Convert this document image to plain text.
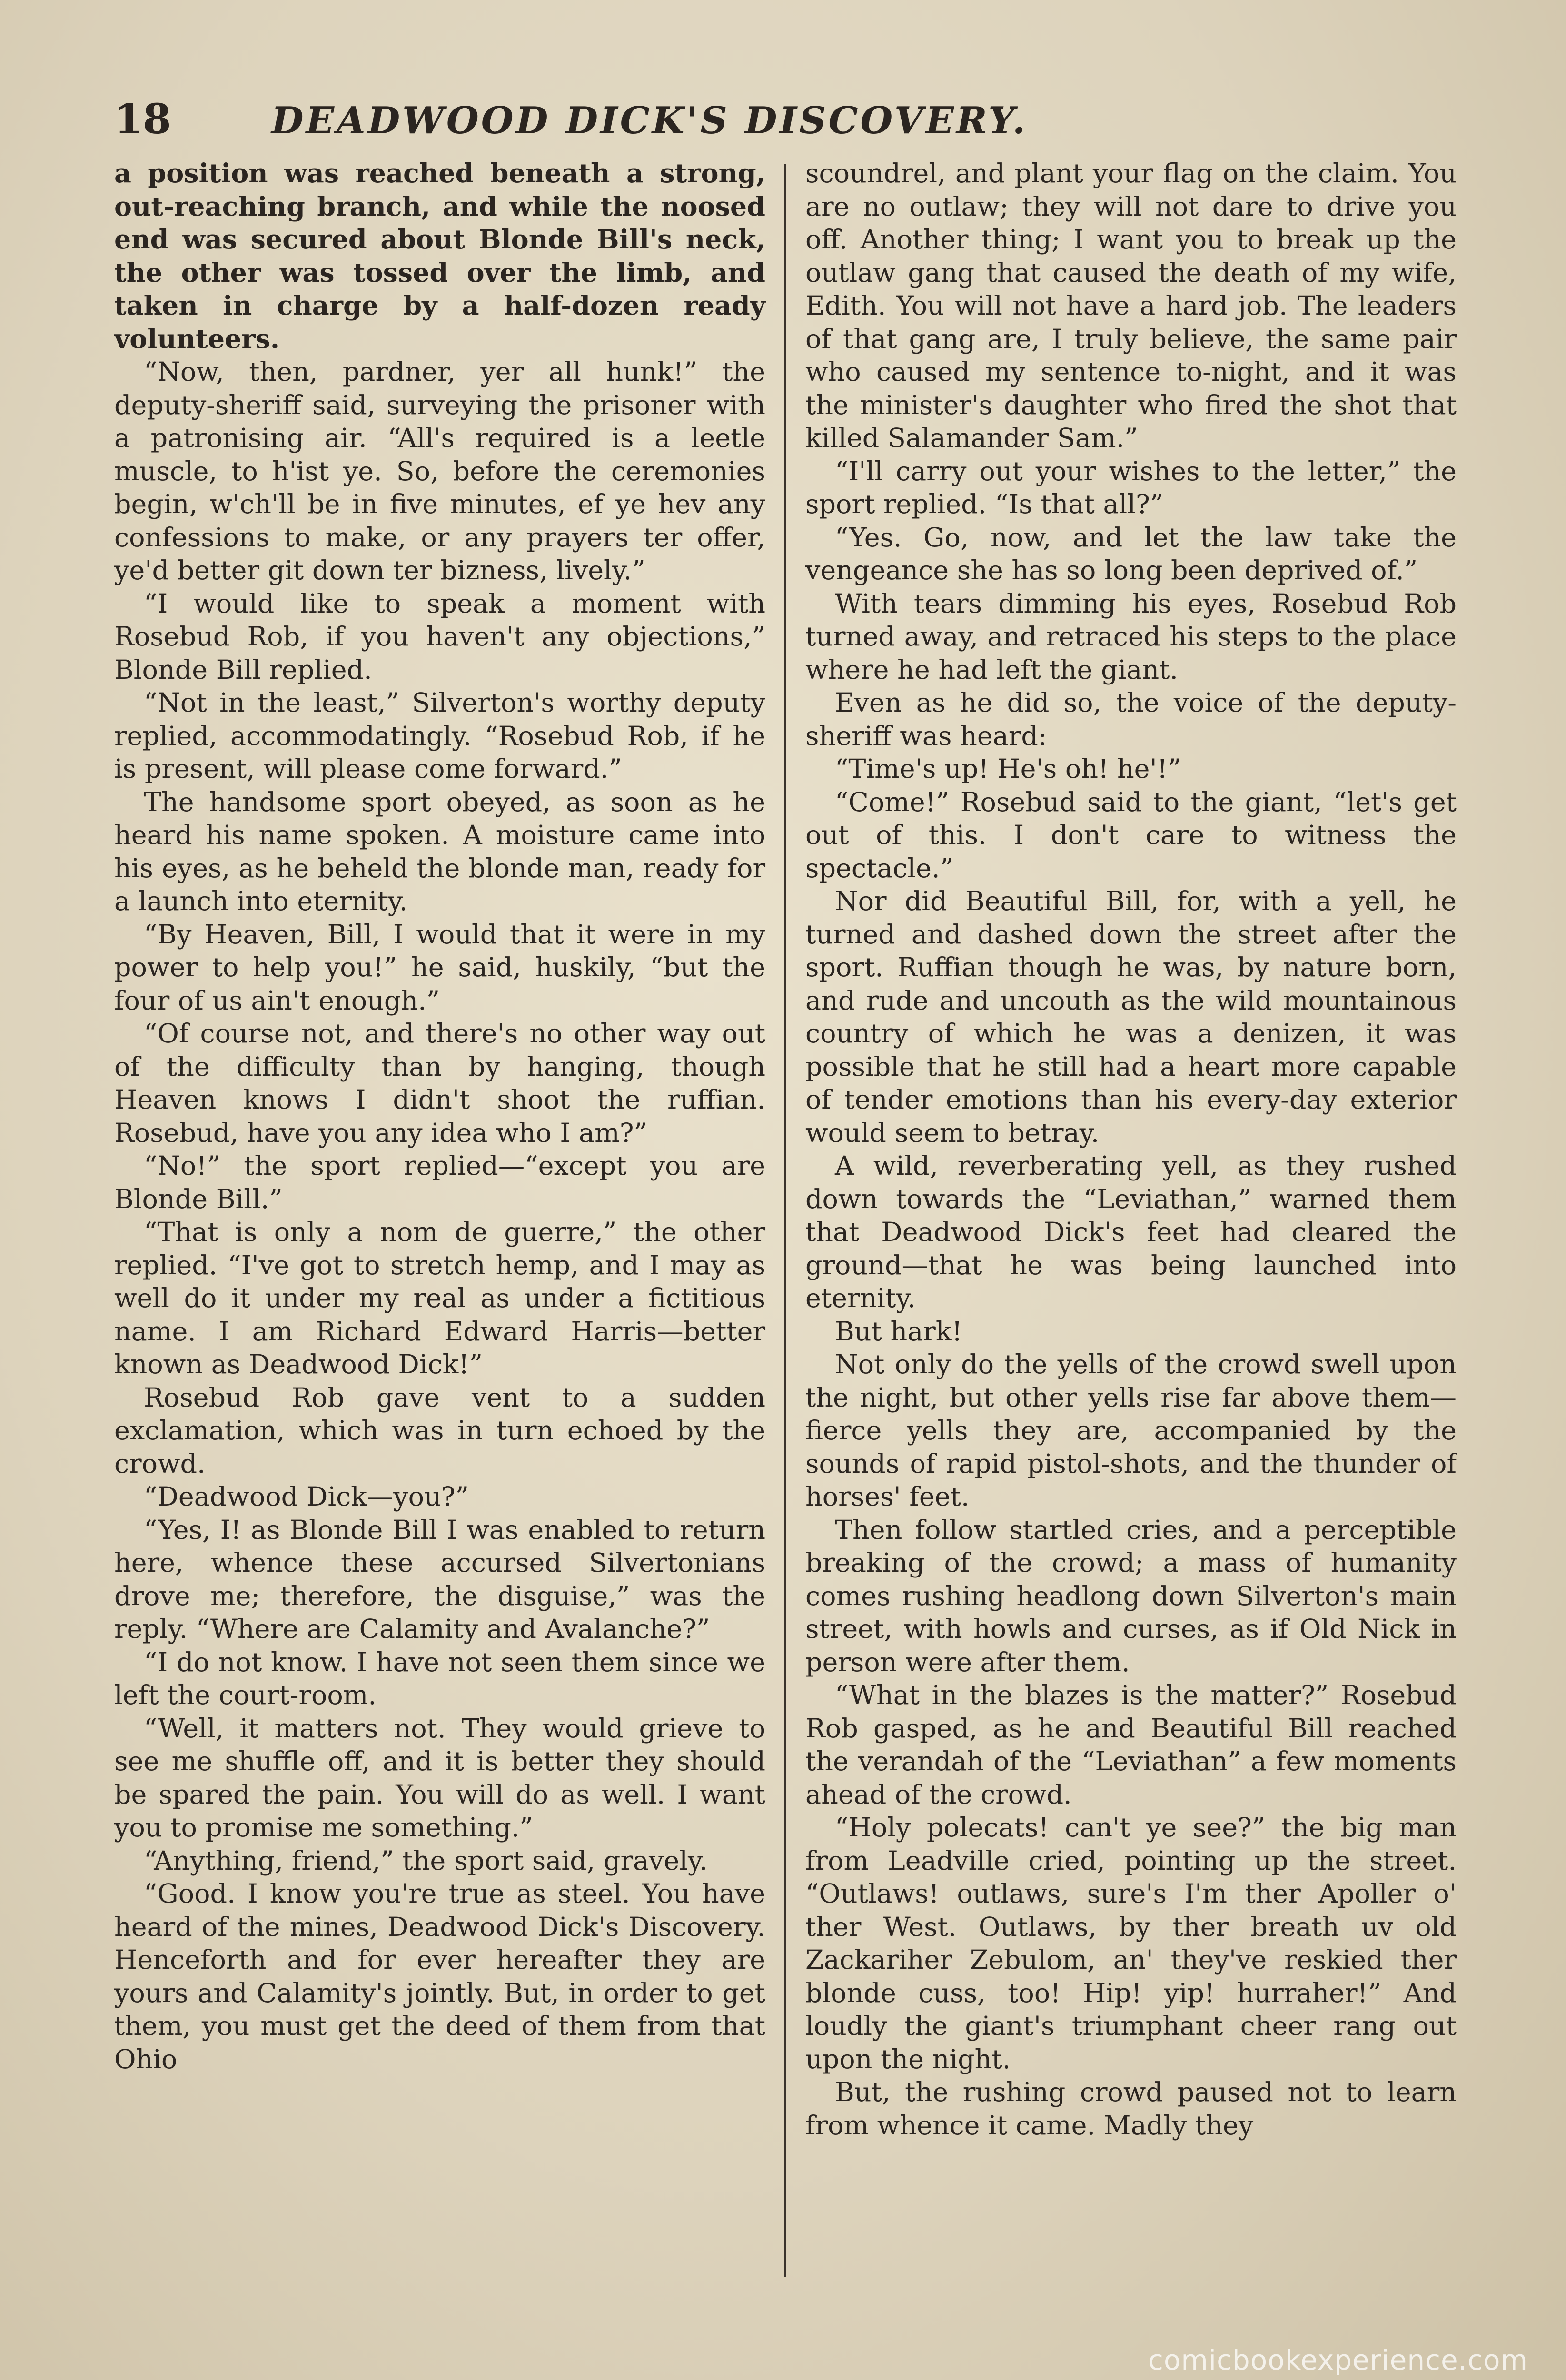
18	DEADWOOD DICK'S DISCOVERY.

a position was reached beneath a strong, out-reaching branch, and while the noosed end was secured about Blonde Bill's neck, the other was tossed over the limb, and taken in charge by a half-dozen ready volunteers.

“Now, then, pardner, yer all hunk!” the deputy-sheriff said, surveying the prisoner with a patronising air. “All's required is a leetle muscle, to h'ist ye. So, before the ceremonies begin, w'ch'll be in five minutes, ef ye hev any confessions to make, or any prayers ter offer, ye'd better git down ter bizness, lively.”

“I would like to speak a moment with Rosebud Rob, if you haven't any objections,” Blonde Bill replied.

“Not in the least,” Silverton's worthy deputy replied, accommodatingly. “Rosebud Rob, if he is present, will please come forward.”

The handsome sport obeyed, as soon as he heard his name spoken. A moisture came into his eyes, as he beheld the blonde man, ready for a launch into eternity.

“By Heaven, Bill, I would that it were in my power to help you!” he said, huskily, “but the four of us ain't enough.”

“Of course not, and there's no other way out of the difficulty than by hanging, though Heaven knows I didn't shoot the ruffian. Rosebud, have you any idea who I am?”

“No!” the sport replied—“except you are Blonde Bill.”

“That is only a nom de guerre,” the other replied. “I've got to stretch hemp, and I may as well do it under my real as under a fictitious name. I am Richard Edward Harris—better known as Deadwood Dick!”

Rosebud Rob gave vent to a sudden exclamation, which was in turn echoed by the crowd.

“Deadwood Dick—you?”

“Yes, I! as Blonde Bill I was enabled to return here, whence these accursed Silvertonians drove me; therefore, the disguise,” was the reply. “Where are Calamity and Avalanche?”

“I do not know. I have not seen them since we left the court-room.

“Well, it matters not. They would grieve to see me shuffle off, and it is better they should be spared the pain. You will do as well. I want you to promise me something.”

“Anything, friend,” the sport said, gravely.

“Good. I know you're true as steel. You have heard of the mines, Deadwood Dick's Discovery. Henceforth and for ever hereafter they are yours and Calamity's jointly. But, in order to get them, you must get the deed of them from that Ohio

scoundrel, and plant your flag on the claim. You are no outlaw; they will not dare to drive you off. Another thing; I want you to break up the outlaw gang that caused the death of my wife, Edith. You will not have a hard job. The leaders of that gang are, I truly believe, the same pair who caused my sentence to-night, and it was the minister's daughter who fired the shot that killed Salamander Sam.”

“I'll carry out your wishes to the letter,” the sport replied. “Is that all?”

“Yes. Go, now, and let the law take the vengeance she has so long been deprived of.”

With tears dimming his eyes, Rosebud Rob turned away, and retraced his steps to the place where he had left the giant.

Even as he did so, the voice of the deputy-sheriff was heard:

“Time's up! He's oh! he'!”

“Come!” Rosebud said to the giant, “let's get out of this. I don't care to witness the spectacle.”

Nor did Beautiful Bill, for, with a yell, he turned and dashed down the street after the sport. Ruffian though he was, by nature born, and rude and uncouth as the wild mountainous country of which he was a denizen, it was possible that he still had a heart more capable of tender emotions than his every-day exterior would seem to betray.

A wild, reverberating yell, as they rushed down towards the “Leviathan,” warned them that Deadwood Dick's feet had cleared the ground—that he was being launched into eternity.

But hark!

Not only do the yells of the crowd swell upon the night, but other yells rise far above them—fierce yells they are, accompanied by the sounds of rapid pistol-shots, and the thunder of horses' feet.

Then follow startled cries, and a perceptible breaking of the crowd; a mass of humanity comes rushing headlong down Silverton's main street, with howls and curses, as if Old Nick in person were after them.

“What in the blazes is the matter?” Rosebud Rob gasped, as he and Beautiful Bill reached the verandah of the “Leviathan” a few moments ahead of the crowd.

“Holy polecats! can't ye see?” the big man from Leadville cried, pointing up the street. “Outlaws! outlaws, sure's I'm ther Apoller o' ther West. Outlaws, by ther breath uv old Zackariher Zebulom, an' they've reskied ther blonde cuss, too! Hip! yip! hurraher!” And loudly the giant's triumphant cheer rang out upon the night.

But, the rushing crowd paused not to learn from whence it came. Madly they

comicbookexperience.com
